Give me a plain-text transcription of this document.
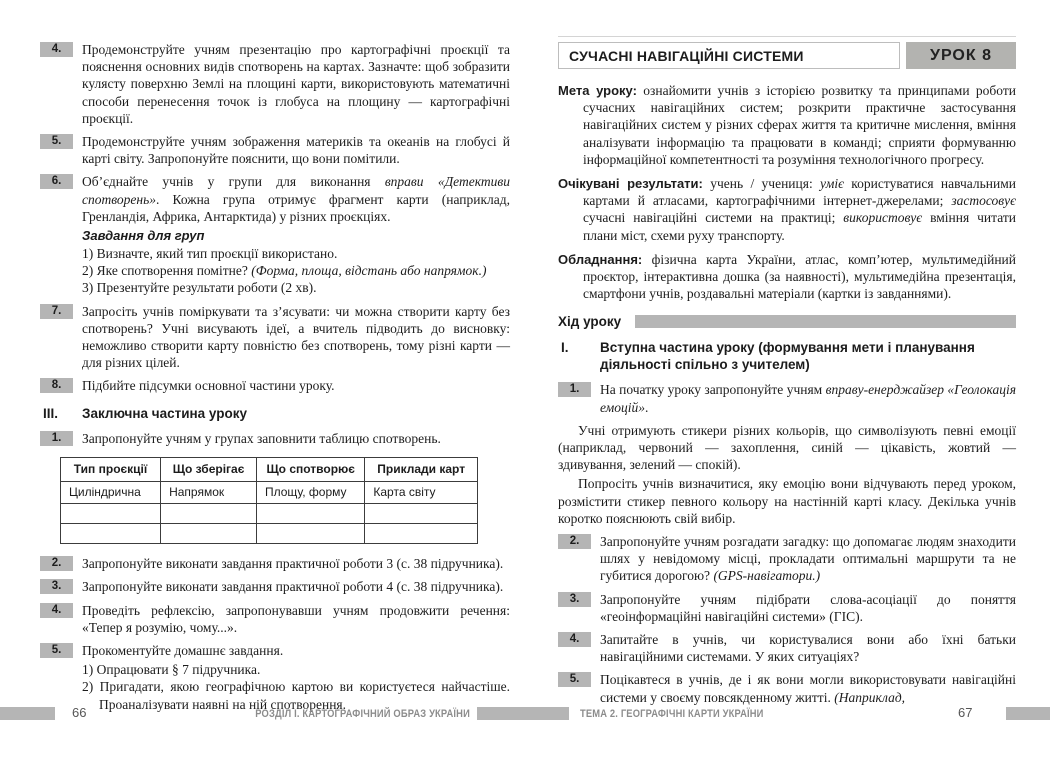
4.	Продемонструйте учням презентацію про картографічні проєкції та пояснення основних видів спотворень на картах. Зазначте: щоб зобразити кулясту поверхню Землі на площині карти, використовують математичні способи перенесення точок із глобуса на площину — картографічні проєкції.
5.	Продемонструйте учням зображення материків та океанів на глобусі й карті світу. Запропонуйте пояснити, що вони помітили.
6.	Об’єднайте учнів у групи для виконання вправи «Детективи спотворень». Кожна група отримує фрагмент карти (наприклад, Гренландія, Африка, Антарктида) у різних проєкціях.
Завдання для груп
1) Визначте, який тип проєкції використано.
2) Яке спотворення помітне? (Форма, площа, відстань або напрямок.)
3) Презентуйте результати роботи (2 хв).
7.	Запросіть учнів поміркувати та з’ясувати: чи можна створити карту без спотворень? Учні висувають ідеї, а вчитель підводить до висновку: неможливо створити карту повністю без спотворень, тому різні карти — для різних цілей.
8.	Підбийте підсумки основної частини уроку.
III.	Заключна частина уроку
1.	Запропонуйте учням у групах заповнити таблицю спотворень.
Тип проєкції	Що зберігає	Що спотворює	Приклади карт
Циліндрична	Напрямок	Площу, форму	Карта світу

2.	Запропонуйте виконати завдання практичної роботи 3 (с. 38 підручника).
3.	Запропонуйте виконати завдання практичної роботи 4 (с. 38 підручника).
4.	Проведіть рефлексію, запропонувавши учням продовжити речення: «Тепер я розумію, чому...».
5.	Прокоментуйте домашнє завдання.
1) Опрацювати § 7 підручника.
2) Пригадати, якою географічною картою ви користуєтеся найчастіше. Проаналізувати наявні на ній спотворення.
СУЧАСНІ НАВІГАЦІЙНІ СИСТЕМИ	УРОК 8

Мета уроку: ознайомити учнів з історією розвитку та принципами роботи сучасних навігаційних систем; розкрити практичне застосування навігаційних систем у різних сферах життя та критичне мислення, вміння аналізувати інформацію та працювати в команді; сприяти формуванню інформаційної компетентності та розуміння технологічного прогресу.

Очікувані результати: учень / учениця: уміє користуватися навчальними картами й атласами, картографічними інтернет-джерелами; застосовує сучасні навігаційні системи на практиці; використовує вміння читати плани міст, схеми руху транспорту.

Обладнання: фізична карта України, атлас, комп’ютер, мультимедійний проєктор, інтерактивна дошка (за наявності), мультимедійна презентація, смартфони учнів, роздавальні матеріали (картки із завданнями).

Хід уроку
I.	Вступна частина уроку (формування мети і планування діяльності спільно з учителем)
1.	На початку уроку запропонуйте учням вправу-енерджайзер «Геолокація емоцій».

Учні отримують стикери різних кольорів, що символізують певні емоції (наприклад, червоний — захоплення, синій — цікавість, жовтий — здивування, зелений — спокій).

Попросіть учнів визначитися, яку емоцію вони відчувають перед уроком, розмістити стикер певного кольору на настінній карті класу. Декілька учнів коротко пояснюють свій вибір.

2.	Запропонуйте учням розгадати загадку: що допомагає людям знаходити шлях у невідомому місці, прокладати оптимальні маршрути та не губитися дорогою? (GPS-навігатори.)
3.	Запропонуйте учням підібрати слова-асоціації до поняття «геоінформаційні навігаційні системи» (ГІС).
4.	Запитайте в учнів, чи користувалися вони або їхні батьки навігаційними системами. У яких ситуаціях?
5.	Поцікавтеся в учнів, де і як вони могли використовувати навігаційні системи у своєму повсякденному житті. (Наприклад,
66	РОЗДІЛ І. КАРТОГРАФІЧНИЙ ОБРАЗ УКРАЇНИ	ТЕМА 2. ГЕОГРАФІЧНІ КАРТИ УКРАЇНИ	67
